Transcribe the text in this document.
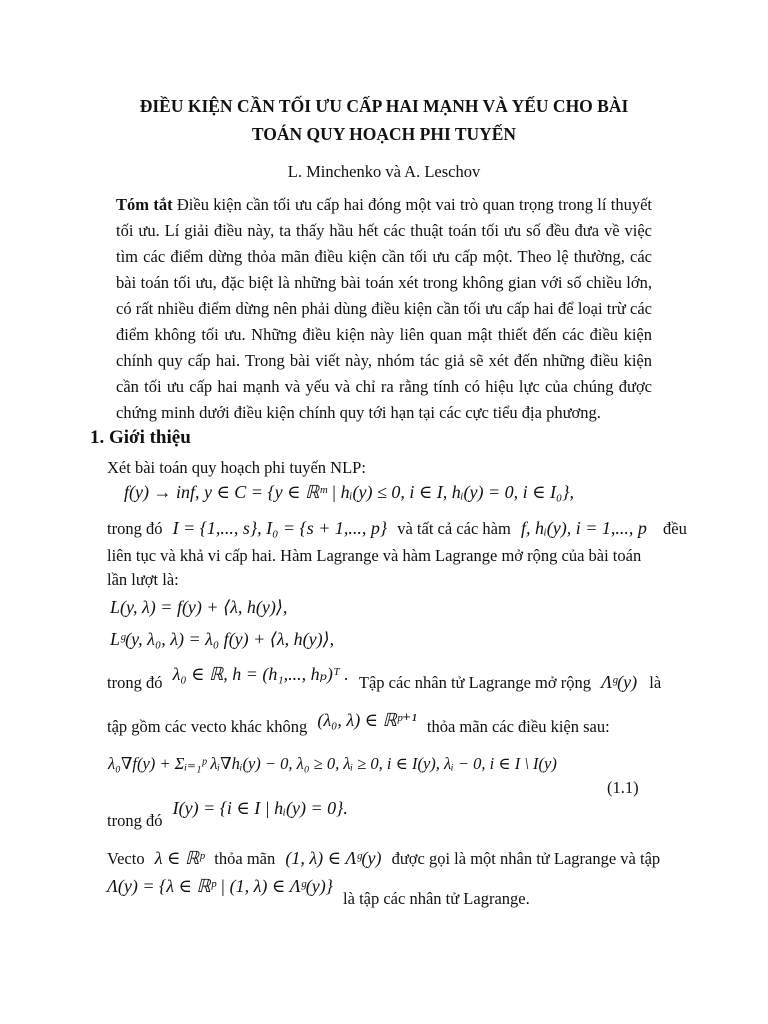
ĐIỀU KIỆN CẦN TỐI ƯU CẤP HAI MẠNH VÀ YẾU CHO BÀI
TOÁN QUY HOẠCH PHI TUYẾN
L. Minchenko và A. Leschov
Tóm tắt Điều kiện cần tối ưu cấp hai đóng một vai trò quan trọng trong lí thuyết tối ưu. Lí giải điều này, ta thấy hầu hết các thuật toán tối ưu số đều đưa về việc tìm các điểm dừng thỏa mãn điều kiện cần tối ưu cấp một. Theo lệ thường, các bài toán tối ưu, đặc biệt là những bài toán xét trong không gian với số chiều lớn, có rất nhiều điểm dừng nên phải dùng điều kiện cần tối ưu cấp hai để loại trừ các điểm không tối ưu. Những điều kiện này liên quan mật thiết đến các điều kiện chính quy cấp hai. Trong bài viết này, nhóm tác giả sẽ xét đến những điều kiện cần tối ưu cấp hai mạnh và yếu và chỉ ra rằng tính có hiệu lực của chúng được chứng minh dưới điều kiện chính quy tới hạn tại các cực tiểu địa phương.
1. Giới thiệu
Xét bài toán quy hoạch phi tuyến NLP:
f(y) → inf, y ∈ C = {y ∈ ℝᵐ | hᵢ(y) ≤ 0, i ∈ I, hᵢ(y) = 0, i ∈ I₀},
trong đó I = {1,..., s}, I₀ = {s + 1,..., p} và tất cả các hàm f, hᵢ(y), i = 1,..., p đều
liên tục và khả vi cấp hai. Hàm Lagrange và hàm Lagrange mở rộng của bài toán
lần lượt là:
L(y, λ) = f(y) + ⟨λ, h(y)⟩,
Lᵍ(y, λ₀, λ) = λ₀ f(y) + ⟨λ, h(y)⟩,
trong đó λ₀ ∈ ℝ, h = (h₁,..., hₚ)ᵀ . Tập các nhân tử Lagrange mở rộng Λᵍ(y) là
tập gồm các vecto khác không (λ₀, λ) ∈ ℝᵖ⁺¹ thỏa mãn các điều kiện sau:
λ₀∇f(y) + Σᵢ₌₁ᵖ λᵢ∇hᵢ(y) − 0, λ₀ ≥ 0, λᵢ ≥ 0, i ∈ I(y), λᵢ − 0, i ∈ I \ I(y)
(1.1)
trong đó I(y) = {i ∈ I | hᵢ(y) = 0}.
Vecto λ ∈ ℝᵖ thỏa mãn (1, λ) ∈ Λᵍ(y) được gọi là một nhân tử Lagrange và tập
Λ(y) = {λ ∈ ℝᵖ | (1, λ) ∈ Λᵍ(y)} là tập các nhân tử Lagrange.
